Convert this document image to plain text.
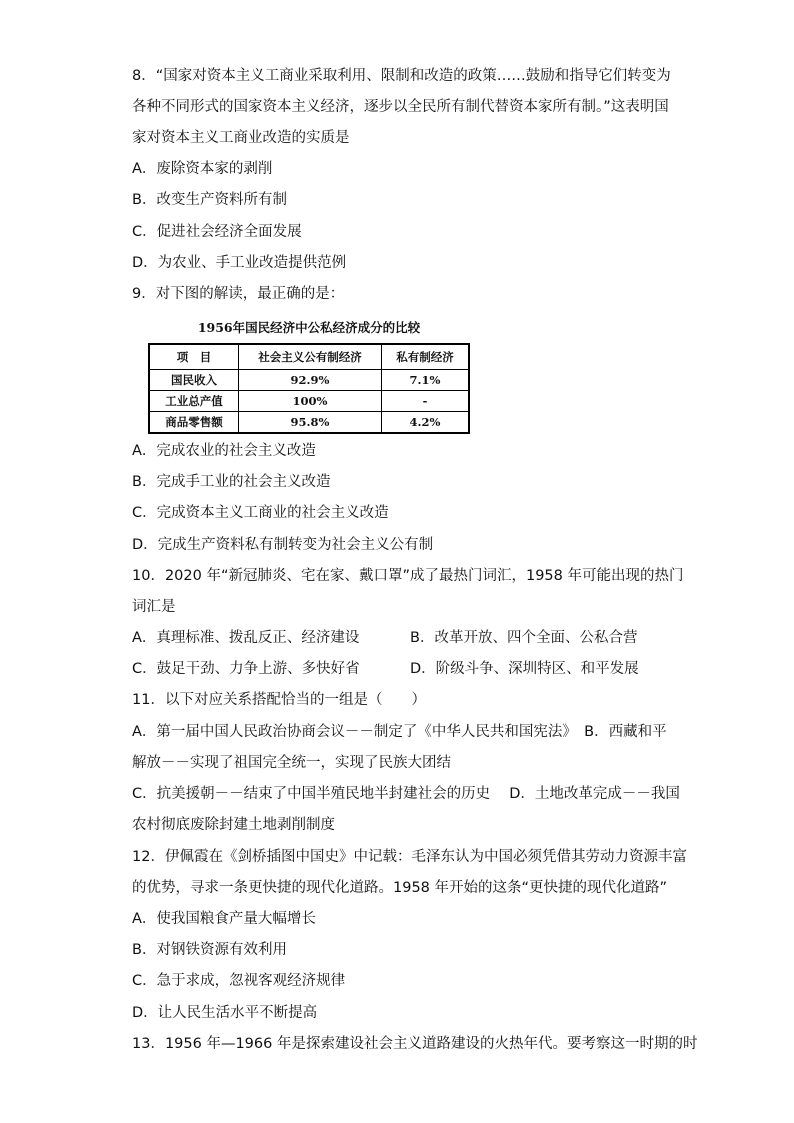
8．“国家对资本主义工商业采取利用、限制和改造的政策……鼓励和指导它们转变为
各种不同形式的国家资本主义经济，逐步以全民所有制代替资本家所有制。”这表明国
家对资本主义工商业改造的实质是
A．废除资本家的剥削
B．改变生产资料所有制
C．促进社会经济全面发展
D．为农业、手工业改造提供范例
9．对下图的解读，最正确的是：
1956年国民经济中公私经济成分的比较
项　目	社会主义公有制经济	私有制经济
国民收入	92.9%	7.1%
工业总产值	100%	-
商品零售额	95.8%	4.2%
A．完成农业的社会主义改造
B．完成手工业的社会主义改造
C．完成资本主义工商业的社会主义改造
D．完成生产资料私有制转变为社会主义公有制
10．2020 年“新冠肺炎、宅在家、戴口罩”成了最热门词汇，1958 年可能出现的热门
词汇是
A．真理标准、拨乱反正、经济建设	B．改革开放、四个全面、公私合营
C．鼓足干劲、力争上游、多快好省	D．阶级斗争、深圳特区、和平发展
11．以下对应关系搭配恰当的一组是（　　）
A．第一届中国人民政治协商会议－－制定了《中华人民共和国宪法》　B．西藏和平
解放－－实现了祖国完全统一，实现了民族大团结
C．抗美援朝－－结束了中国半殖民地半封建社会的历史　 D．土地改革完成－－我国
农村彻底废除封建土地剥削制度
12．伊佩霞在《剑桥插图中国史》中记载：毛泽东认为中国必须凭借其劳动力资源丰富
的优势，寻求一条更快捷的现代化道路。1958 年开始的这条“更快捷的现代化道路”
A．使我国粮食产量大幅增长
B．对钢铁资源有效利用
C．急于求成，忽视客观经济规律
D．让人民生活水平不断提高
13．1956 年—1966 年是探索建设社会主义道路建设的火热年代。要考察这一时期的时
